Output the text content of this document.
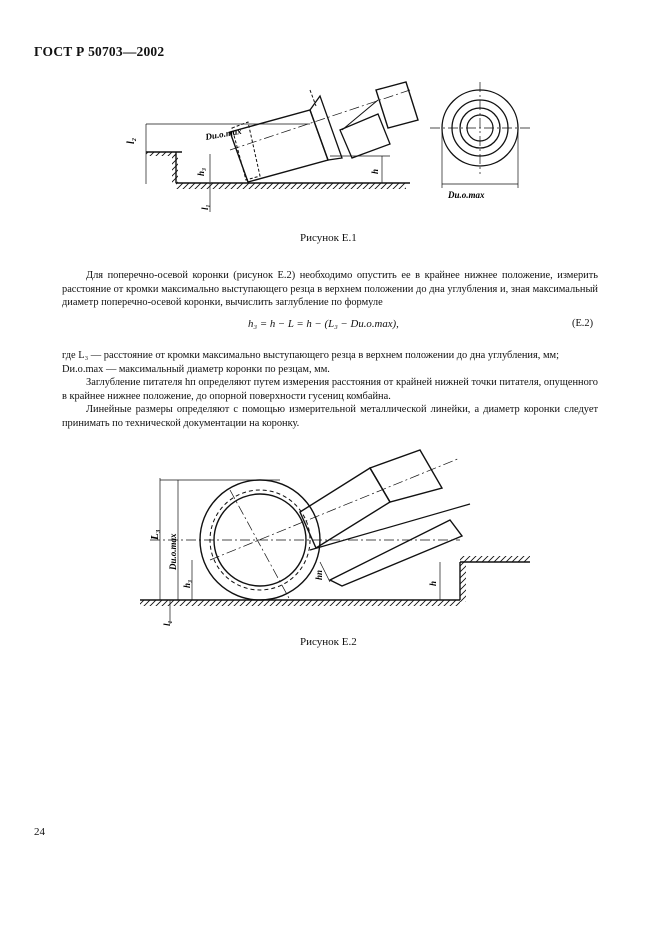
ГОСТ Р 50703—2002
l₂	Dи.о.max
h₃	h
l₁
Dи.о.max
Рисунок Е.1

Для поперечно-осевой коронки (рисунок Е.2) необходимо опустить ее в крайнее нижнее положение, измерить расстояние от кромки максимально выступающего резца в верхнем положении до дна углубления и, зная максимальный диаметр поперечно-осевой коронки, вычислить заглубление по формуле

h₃ = h − L = h − (L₃ − Dи.о.max),	(Е.2)

где L₃ — расстояние от кромки максимально выступающего резца в верхнем положении до дна углубления, мм;

Dи.о.max — максимальный диаметр коронки по резцам, мм.

Заглубление питателя hп определяют путем измерения расстояния от крайней нижней точки питателя, опущенного в крайнее нижнее положение, до опорной поверхности гусениц комбайна.

Линейные размеры определяют с помощью измерительной металлической линейки, а диаметр коронки следует принимать по технической документации на коронку.

L₃ Dи.о.max
h₃
hп
h
l₁
Рисунок Е.2
24
